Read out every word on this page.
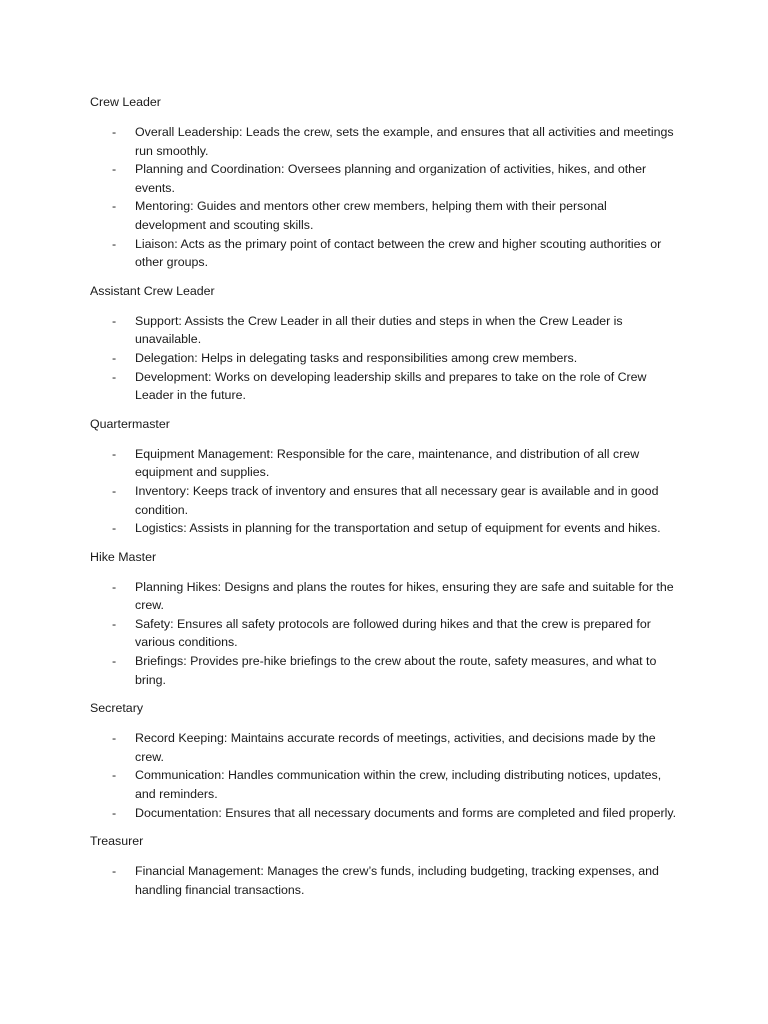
Crew Leader
- Overall Leadership: Leads the crew, sets the example, and ensures that all activities and meetings run smoothly.
- Planning and Coordination: Oversees planning and organization of activities, hikes, and other events.
- Mentoring: Guides and mentors other crew members, helping them with their personal development and scouting skills.
- Liaison: Acts as the primary point of contact between the crew and higher scouting authorities or other groups.
Assistant Crew Leader
- Support: Assists the Crew Leader in all their duties and steps in when the Crew Leader is unavailable.
- Delegation: Helps in delegating tasks and responsibilities among crew members.
- Development: Works on developing leadership skills and prepares to take on the role of Crew Leader in the future.
Quartermaster
- Equipment Management: Responsible for the care, maintenance, and distribution of all crew equipment and supplies.
- Inventory: Keeps track of inventory and ensures that all necessary gear is available and in good condition.
- Logistics: Assists in planning for the transportation and setup of equipment for events and hikes.
Hike Master
- Planning Hikes: Designs and plans the routes for hikes, ensuring they are safe and suitable for the crew.
- Safety: Ensures all safety protocols are followed during hikes and that the crew is prepared for various conditions.
- Briefings: Provides pre-hike briefings to the crew about the route, safety measures, and what to bring.
Secretary
- Record Keeping: Maintains accurate records of meetings, activities, and decisions made by the crew.
- Communication: Handles communication within the crew, including distributing notices, updates, and reminders.
- Documentation: Ensures that all necessary documents and forms are completed and filed properly.
Treasurer
- Financial Management: Manages the crew’s funds, including budgeting, tracking expenses, and handling financial transactions.
